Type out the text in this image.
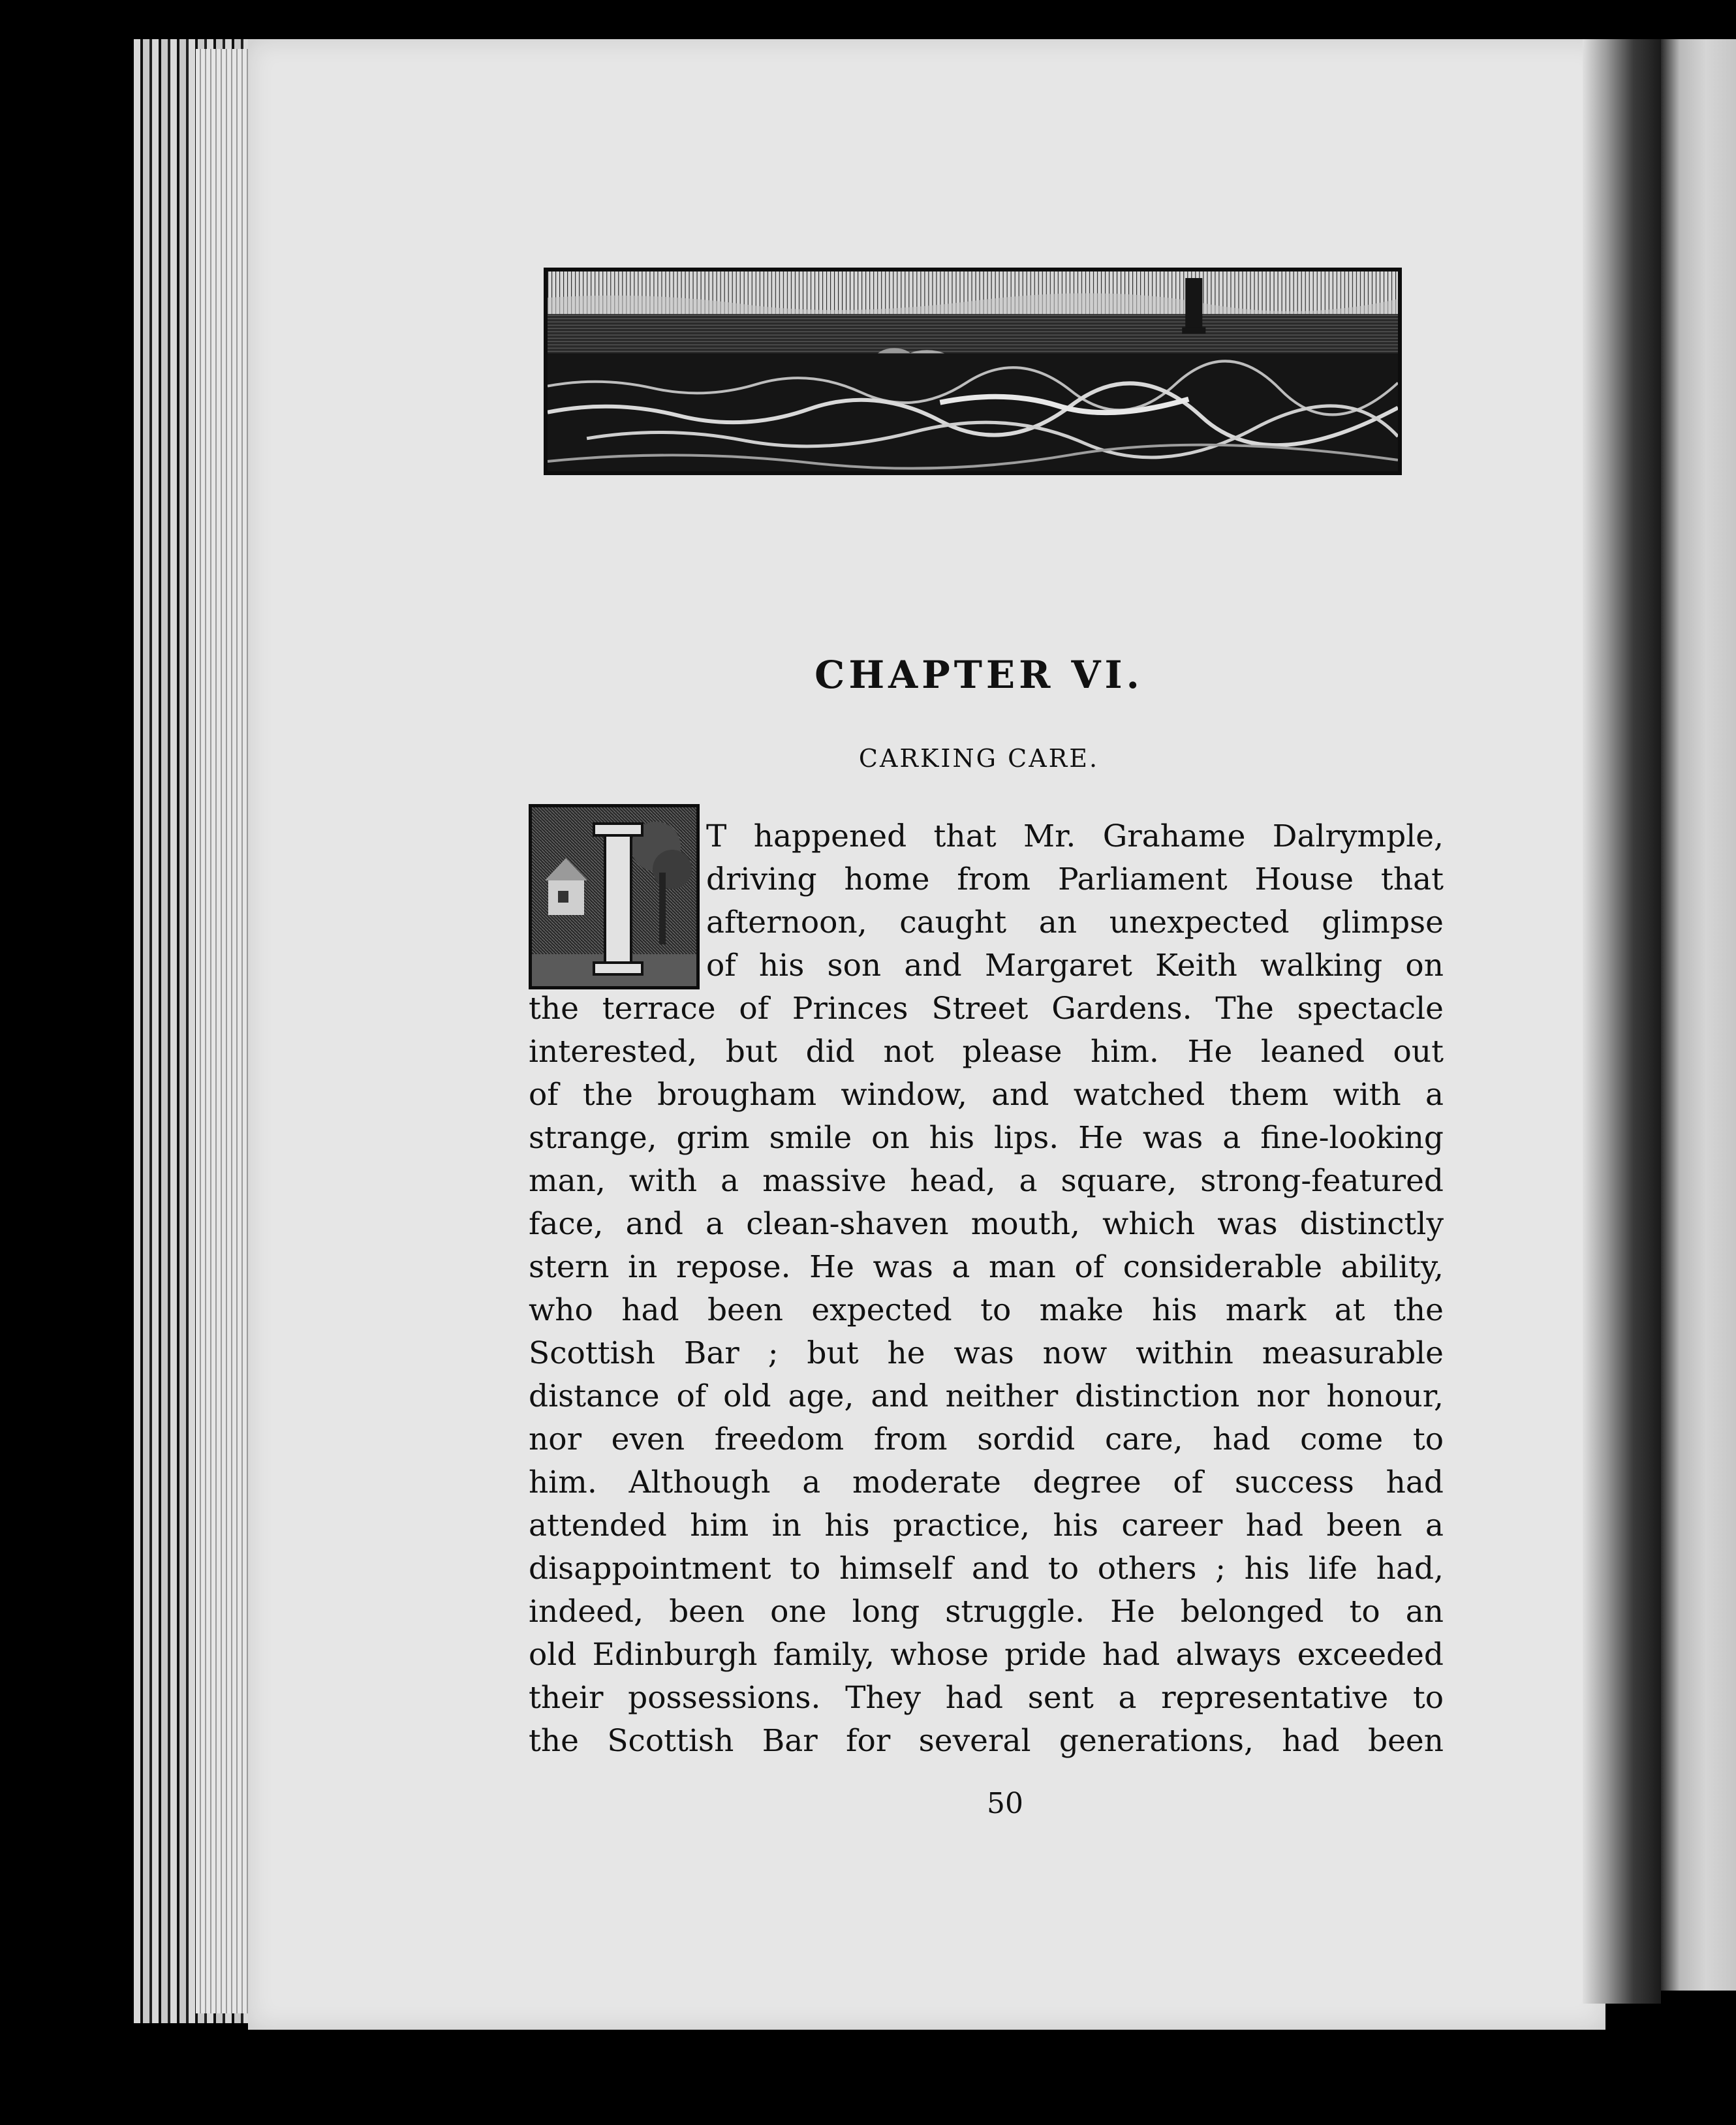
CHAPTER VI.
CARKING CARE.
T happened that Mr. Grahame Dalrymple,
driving home from Parliament House that
afternoon, caught an unexpected glimpse
of his son and Margaret Keith walking on
the terrace of Princes Street Gardens. The spectacle
interested, but did not please him. He leaned out
of the brougham window, and watched them with a
strange, grim smile on his lips. He was a fine-looking
man, with a massive head, a square, strong-featured
face, and a clean-shaven mouth, which was distinctly
stern in repose. He was a man of considerable ability,
who had been expected to make his mark at the
Scottish Bar ; but he was now within measurable
distance of old age, and neither distinction nor honour,
nor even freedom from sordid care, had come to
him. Although a moderate degree of success had
attended him in his practice, his career had been a
disappointment to himself and to others ; his life had,
indeed, been one long struggle. He belonged to an
old Edinburgh family, whose pride had always exceeded
their possessions. They had sent a representative to
the Scottish Bar for several generations, had been
50
